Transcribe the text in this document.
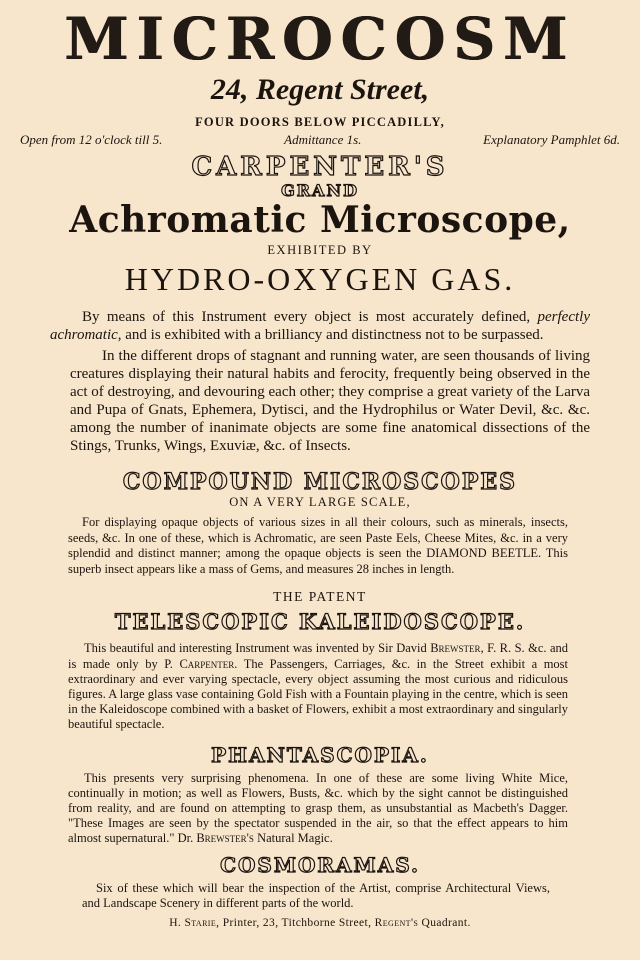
MICROCOSM
24, Regent Street,
FOUR DOORS BELOW PICCADILLY,
Open from 12 o'clock till 5.	Admittance 1s.	Explanatory Pamphlet 6d.
CARPENTER'S
GRAND
Achromatic Microscope,
EXHIBITED BY
HYDRO-OXYGEN GAS.

By means of this Instrument every object is most accurately defined, perfectly achromatic, and is exhibited with a brilliancy and distinctness not to be surpassed.

In the different drops of stagnant and running water, are seen thousands of living creatures displaying their natural habits and ferocity, frequently being observed in the act of destroying, and devouring each other; they comprise a great variety of the Larva and Pupa of Gnats, Ephemera, Dytisci, and the Hydrophilus or Water Devil, &c. &c. among the number of inanimate objects are some fine anatomical dissections of the Stings, Trunks, Wings, Exuviæ, &c. of Insects.

COMPOUND MICROSCOPES
ON A VERY LARGE SCALE,

For displaying opaque objects of various sizes in all their colours, such as minerals, insects, seeds, &c. In one of these, which is Achromatic, are seen Paste Eels, Cheese Mites, &c. in a very splendid and distinct manner; among the opaque objects is seen the DIAMOND BEETLE. This superb insect appears like a mass of Gems, and measures 28 inches in length.

THE PATENT
TELESCOPIC KALEIDOSCOPE.

This beautiful and interesting Instrument was invented by Sir David Brewster, F. R. S. &c. and is made only by P. Carpenter. The Passengers, Carriages, &c. in the Street exhibit a most extraordinary and ever varying spectacle, every object assuming the most curious and ridiculous figures. A large glass vase containing Gold Fish with a Fountain playing in the centre, which is seen in the Kaleidoscope combined with a basket of Flowers, exhibit a most extraordinary and singularly beautiful spectacle.

PHANTASCOPIA.

This presents very surprising phenomena. In one of these are some living White Mice, continually in motion; as well as Flowers, Busts, &c. which by the sight cannot be distinguished from reality, and are found on attempting to grasp them, as unsubstantial as Macbeth's Dagger. "These Images are seen by the spectator suspended in the air, so that the effect appears to him almost supernatural." Dr. Brewster's Natural Magic.

COSMORAMAS.

Six of these which will bear the inspection of the Artist, comprise Architectural Views, and Landscape Scenery in different parts of the world.

H. Starie, Printer, 23, Titchborne Street, Regent's Quadrant.
